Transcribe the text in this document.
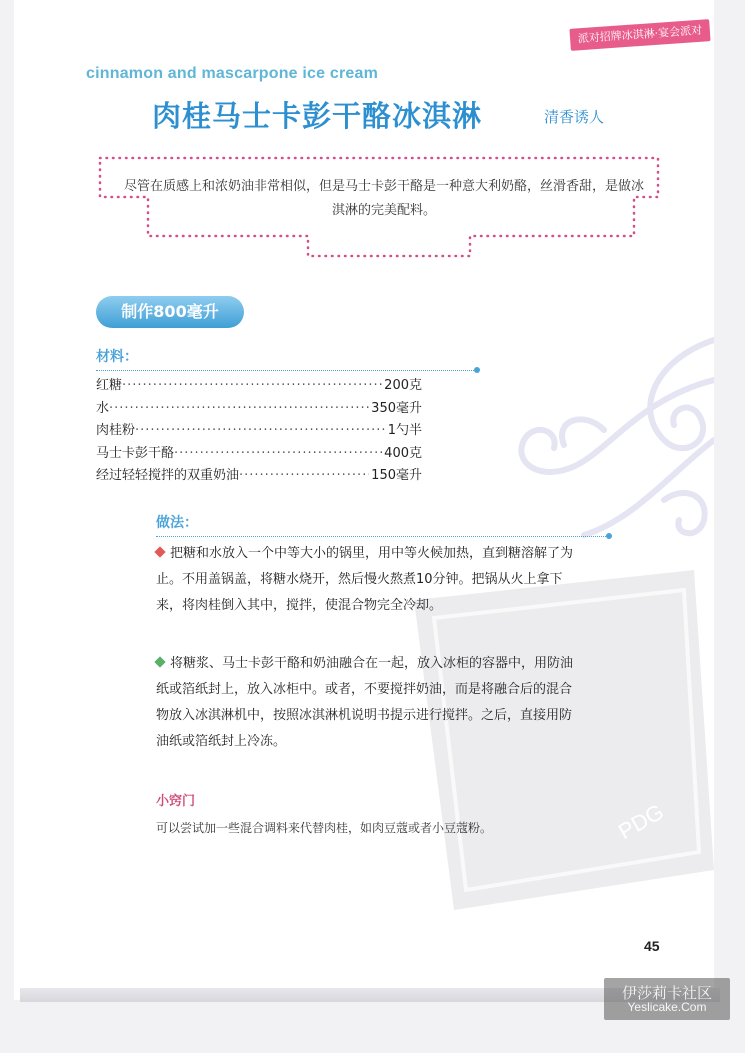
PDG
派对招牌冰淇淋·宴会派对
cinnamon and mascarpone ice cream
肉桂马士卡彭干酪冰淇淋	清香诱人
尽管在质感上和浓奶油非常相似，但是马士卡彭干酪是一种意大利奶酪，丝滑香甜，是做冰淇淋的完美配料。
制作800毫升
材料：
红糖 ·····	200克
水 ·····	350毫升
肉桂粉 ·····	1勺半
马士卡彭干酪 ·····	400克
经过轻轻搅拌的双重奶油 ·····	150毫升
做法：
把糖和水放入一个中等大小的锅里，用中等火候加热，直到糖溶解了为止。不用盖锅盖，将糖水烧开，然后慢火熬煮10分钟。把锅从火上拿下来，将肉桂倒入其中，搅拌，使混合物完全冷却。
将糖浆、马士卡彭干酪和奶油融合在一起，放入冰柜的容器中，用防油纸或箔纸封上，放入冰柜中。或者，不要搅拌奶油，而是将融合后的混合物放入冰淇淋机中，按照冰淇淋机说明书提示进行搅拌。之后，直接用防油纸或箔纸封上冷冻。
小窍门
可以尝试加一些混合调料来代替肉桂，如肉豆蔻或者小豆蔻粉。
45
伊莎莉卡社区
Yeslicake.Com
